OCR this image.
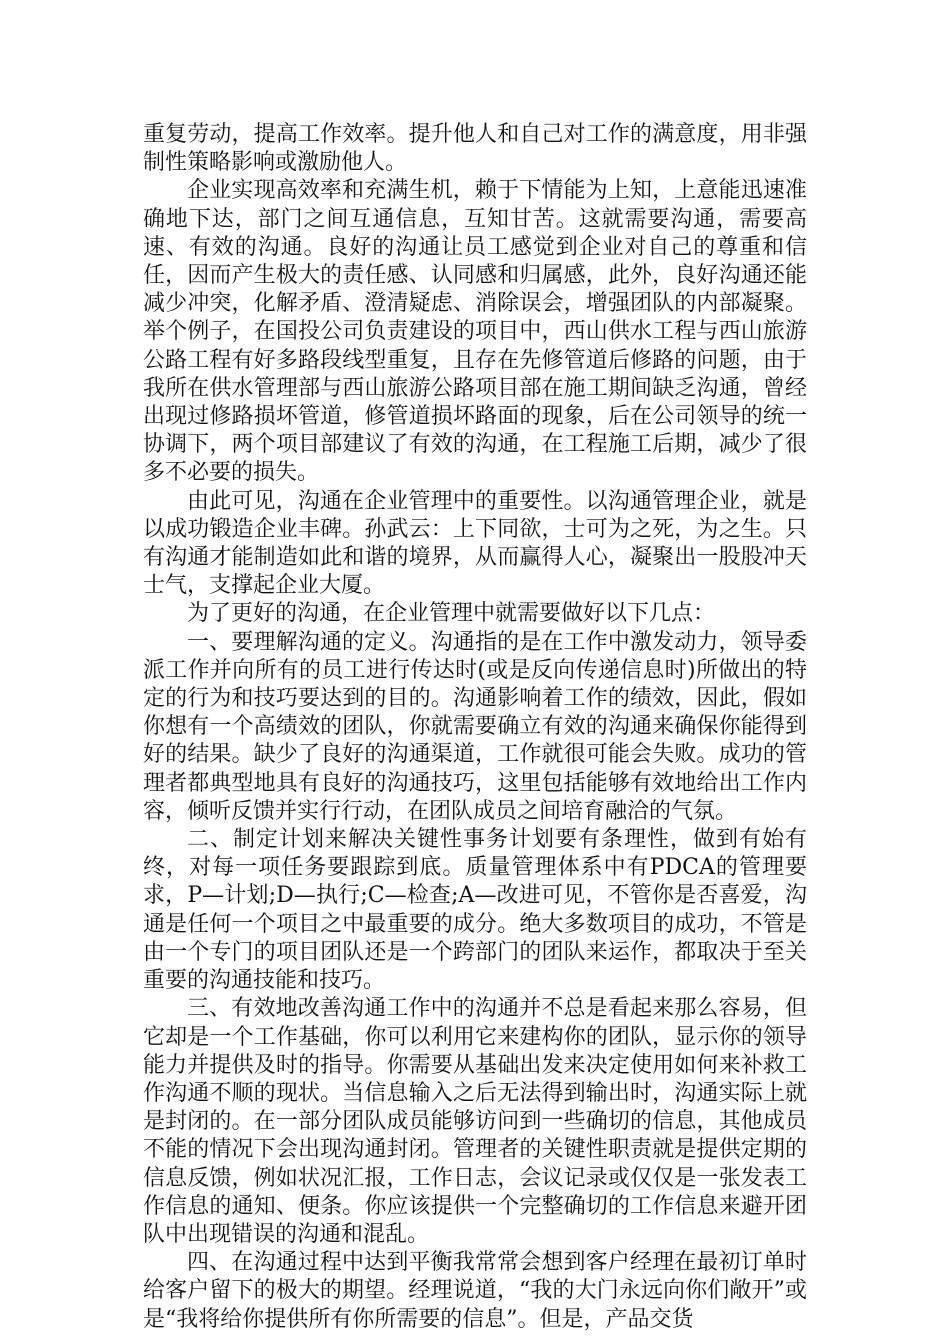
重复劳动，提高工作效率。提升他人和自己对工作的满意度，用非强制性策略影响或激励他人。

企业实现高效率和充满生机，赖于下情能为上知，上意能迅速准确地下达，部门之间互通信息，互知甘苦。这就需要沟通，需要高速、有效的沟通。良好的沟通让员工感觉到企业对自己的尊重和信任，因而产生极大的责任感、认同感和归属感，此外，良好沟通还能减少冲突，化解矛盾、澄清疑虑、消除误会，增强团队的内部凝聚。举个例子，在国投公司负责建设的项目中，西山供水工程与西山旅游公路工程有好多路段线型重复，且存在先修管道后修路的问题，由于我所在供水管理部与西山旅游公路项目部在施工期间缺乏沟通，曾经出现过修路损坏管道，修管道损坏路面的现象，后在公司领导的统一协调下，两个项目部建议了有效的沟通，在工程施工后期，减少了很多不必要的损失。

由此可见，沟通在企业管理中的重要性。以沟通管理企业，就是以成功锻造企业丰碑。孙武云：上下同欲，士可为之死，为之生。只有沟通才能制造如此和谐的境界，从而赢得人心，凝聚出一股股冲天士气，支撑起企业大厦。

为了更好的沟通，在企业管理中就需要做好以下几点：

一、要理解沟通的定义。沟通指的是在工作中激发动力，领导委派工作并向所有的员工进行传达时(或是反向传递信息时)所做出的特定的行为和技巧要达到的目的。沟通影响着工作的绩效，因此，假如你想有一个高绩效的团队，你就需要确立有效的沟通来确保你能得到好的结果。缺少了良好的沟通渠道，工作就很可能会失败。成功的管理者都典型地具有良好的沟通技巧，这里包括能够有效地给出工作内容，倾听反馈并实行行动，在团队成员之间培育融洽的气氛。

二、制定计划来解决关键性事务计划要有条理性，做到有始有终，对每一项任务要跟踪到底。质量管理体系中有PDCA的管理要求，P—计划;D—执行;C—检查;A—改进可见，不管你是否喜爱，沟通是任何一个项目之中最重要的成分。绝大多数项目的成功，不管是由一个专门的项目团队还是一个跨部门的团队来运作，都取决于至关重要的沟通技能和技巧。

三、有效地改善沟通工作中的沟通并不总是看起来那么容易，但它却是一个工作基础，你可以利用它来建构你的团队，显示你的领导能力并提供及时的指导。你需要从基础出发来决定使用如何来补救工作沟通不顺的现状。当信息输入之后无法得到输出时，沟通实际上就是封闭的。在一部分团队成员能够访问到一些确切的信息，其他成员不能的情况下会出现沟通封闭。管理者的关键性职责就是提供定期的信息反馈，例如状况汇报，工作日志，会议记录或仅仅是一张发表工作信息的通知、便条。你应该提供一个完整确切的工作信息来避开团队中出现错误的沟通和混乱。

四、在沟通过程中达到平衡我常常会想到客户经理在最初订单时给客户留下的极大的期望。经理说道，“我的大门永远向你们敞开”或是“我将给你提供所有你所需要的信息”。但是，产品交货
